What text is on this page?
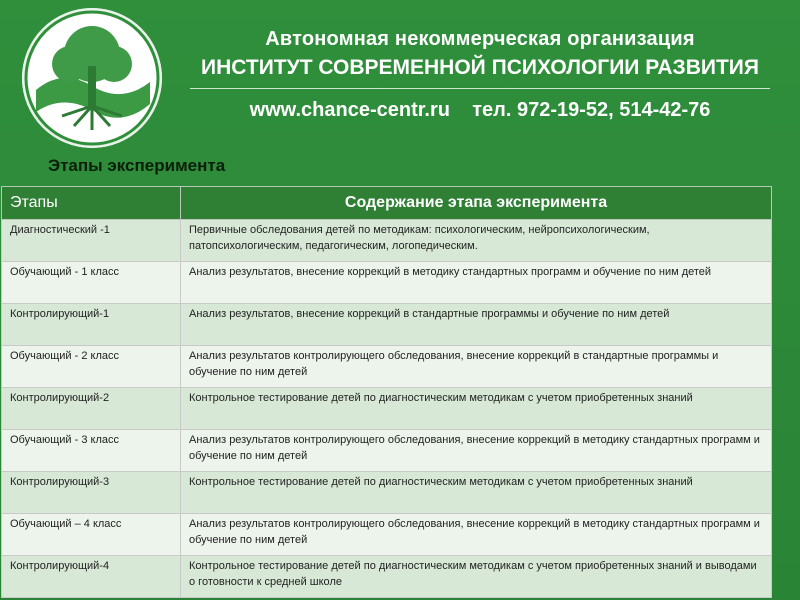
Автономная некоммерческая организация
ИНСТИТУТ СОВРЕМЕННОЙ ПСИХОЛОГИИ РАЗВИТИЯ
www.chance-centr.ru    тел. 972-19-52, 514-42-76
Этапы эксперимента
Этапы	Содержание этапа эксперимента
Диагностический -1	Первичные обследования детей по методикам: психологическим, нейропсихологическим, патопсихологическим, педагогическим, логопедическим.
Обучающий - 1 класс	Анализ результатов, внесение коррекций в методику стандартных программ и обучение по ним детей
Контролирующий-1	Анализ результатов, внесение коррекций в стандартные программы и обучение по ним детей
Обучающий - 2 класс	Анализ результатов контролирующего обследования, внесение коррекций в стандартные программы и обучение по ним детей
Контролирующий-2	Контрольное тестирование детей по диагностическим методикам с учетом приобретенных знаний
Обучающий - 3 класс	Анализ результатов контролирующего обследования, внесение коррекций в методику стандартных программ и обучение по ним детей
Контролирующий-3	Контрольное тестирование детей по диагностическим методикам с учетом приобретенных знаний
Обучающий – 4 класс	Анализ результатов контролирующего обследования, внесение коррекций в методику стандартных программ и обучение по ним детей
Контролирующий-4	Контрольное тестирование детей по диагностическим методикам с учетом приобретенных знаний и выводами о готовности к средней школе
